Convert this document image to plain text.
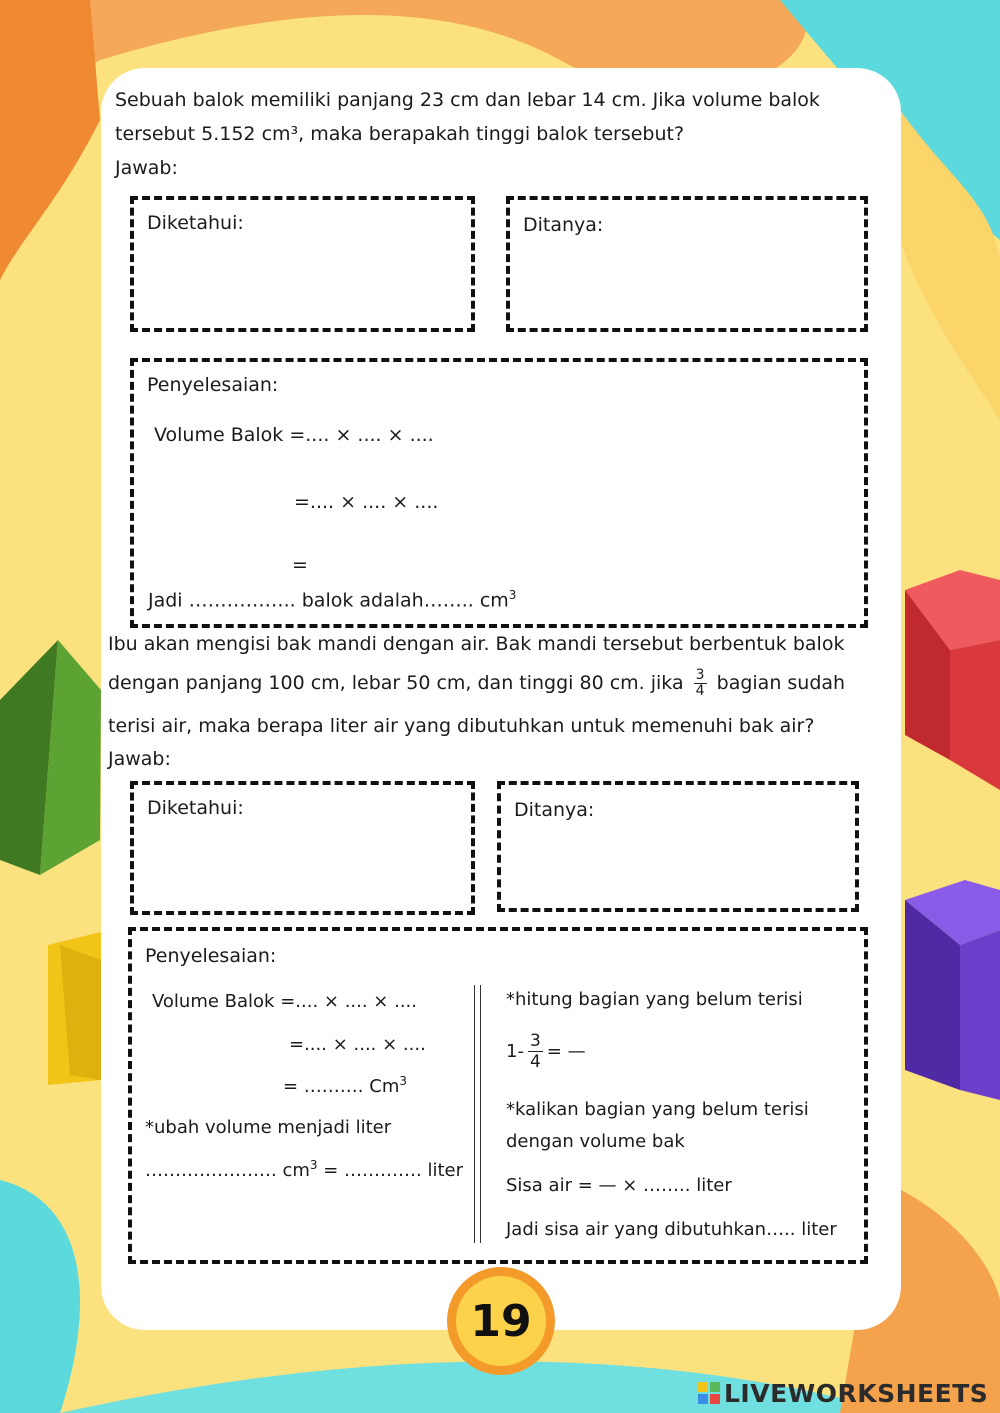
Sebuah balok memiliki panjang 23 cm dan lebar 14 cm. Jika volume balok
tersebut 5.152 cm³, maka berapakah tinggi balok tersebut?
Jawab:
Diketahui:	Ditanya:
Penyelesaian:
Volume Balok =.... × .... × ....
=.... × .... × ....
=
Jadi …………….. balok adalah…….. $cm^3$
Ibu akan mengisi bak mandi dengan air. Bak mandi tersebut berbentuk balok
dengan panjang 100 cm, lebar 50 cm, dan tinggi 80 cm. jika $\frac{3}{4}$ bagian sudah
terisi air, maka berapa liter air yang dibutuhkan untuk memenuhi bak air?
Jawab:
Diketahui:	Ditanya:
Penyelesaian:
Volume Balok =.... × .... × ....
=.... × .... × ....
= ………. Cm$^3$
*ubah volume menjadi liter
…………………. $cm^3$ = …………. liter
*hitung bagian yang belum terisi
$1- \frac{3}{4}$ = —
*kalikan bagian yang belum terisi
dengan volume bak
Sisa air = — × …….. liter
Jadi sisa air yang dibutuhkan….. liter
19
LIVEWORKSHEETS
